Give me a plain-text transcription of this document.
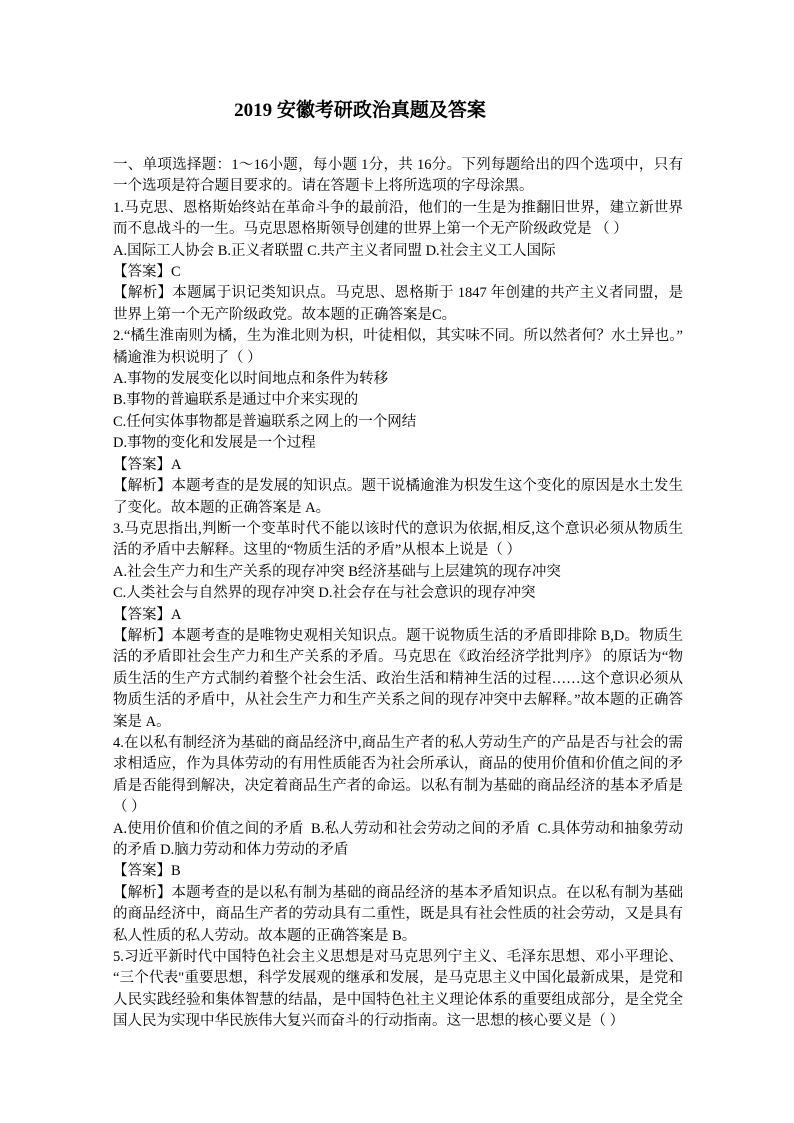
2019 安徽考研政治真题及答案

一、单项选择题：1～16小题，每小题 1分，共 16分。下列每题给出的四个选项中，只有一个选项是符合题目要求的。请在答题卡上将所选项的字母涂黑。

1.马克思、恩格斯始终站在革命斗争的最前沿，他们的一生是为推翻旧世界，建立新世界而不息战斗的一生。马克思恩格斯领导创建的世界上第一个无产阶级政党是 （ ）

A.国际工人协会 B.正义者联盟 C.共产主义者同盟 D.社会主义工人国际

【答案】C

【解析】本题属于识记类知识点。马克思、恩格斯于 1847 年创建的共产主义者同盟，是世界上第一个无产阶级政党。故本题的正确答案是C。

2.“橘生淮南则为橘，生为淮北则为枳，叶徒相似，其实味不同。所以然者何？水土异也。”橘逾淮为枳说明了（ ）

A.事物的发展变化以时间地点和条件为转移

B.事物的普遍联系是通过中介来实现的

C.任何实体事物都是普遍联系之网上的一个网结

D.事物的变化和发展是一个过程

【答案】A

【解析】本题考查的是发展的知识点。题干说橘逾淮为枳发生这个变化的原因是水土发生了变化。故本题的正确答案是 A。

3.马克思指出,判断一个变革时代不能以该时代的意识为依据,相反,这个意识必须从物质生活的矛盾中去解释。这里的“物质生活的矛盾”从根本上说是（ ）

A.社会生产力和生产关系的现存冲突 B经济基础与上层建筑的现存冲突

C.人类社会与自然界的现存冲突 D.社会存在与社会意识的现存冲突

【答案】A

【解析】本题考查的是唯物史观相关知识点。题干说物质生活的矛盾即排除 B,D。物质生活的矛盾即社会生产力和生产关系的矛盾。马克思在《政治经济学批判序》 的原话为“物质生活的生产方式制约着整个社会生活、政治生活和精神生活的过程……这个意识必须从物质生活的矛盾中，从社会生产力和生产关系之间的现存冲突中去解释。”故本题的正确答案是 A。

4.在以私有制经济为基础的商品经济中,商品生产者的私人劳动生产的产品是否与社会的需求相适应，作为具体劳动的有用性质能否为社会所承认，商品的使用价值和价值之间的矛盾是否能得到解决，决定着商品生产者的命运。以私有制为基础的商品经济的基本矛盾是 （ ）

A.使用价值和价值之间的矛盾  B.私人劳动和社会劳动之间的矛盾  C.具体劳动和抽象劳动的矛盾 D.脑力劳动和体力劳动的矛盾

【答案】B

【解析】本题考查的是以私有制为基础的商品经济的基本矛盾知识点。在以私有制为基础的商品经济中，商品生产者的劳动具有二重性，既是具有社会性质的社会劳动，又是具有私人性质的私人劳动。故本题的正确答案是 B。

5.习近平新时代中国特色社会主义思想是对马克思列宁主义、毛泽东思想、邓小平理论、“三个代表"重要思想，科学发展观的继承和发展，是马克思主义中国化最新成果，是党和人民实践经验和集体智慧的结晶，是中国特色社主义理论体系的重要组成部分，是全党全国人民为实现中华民族伟大复兴而奋斗的行动指南。这一思想的核心要义是（ ）
